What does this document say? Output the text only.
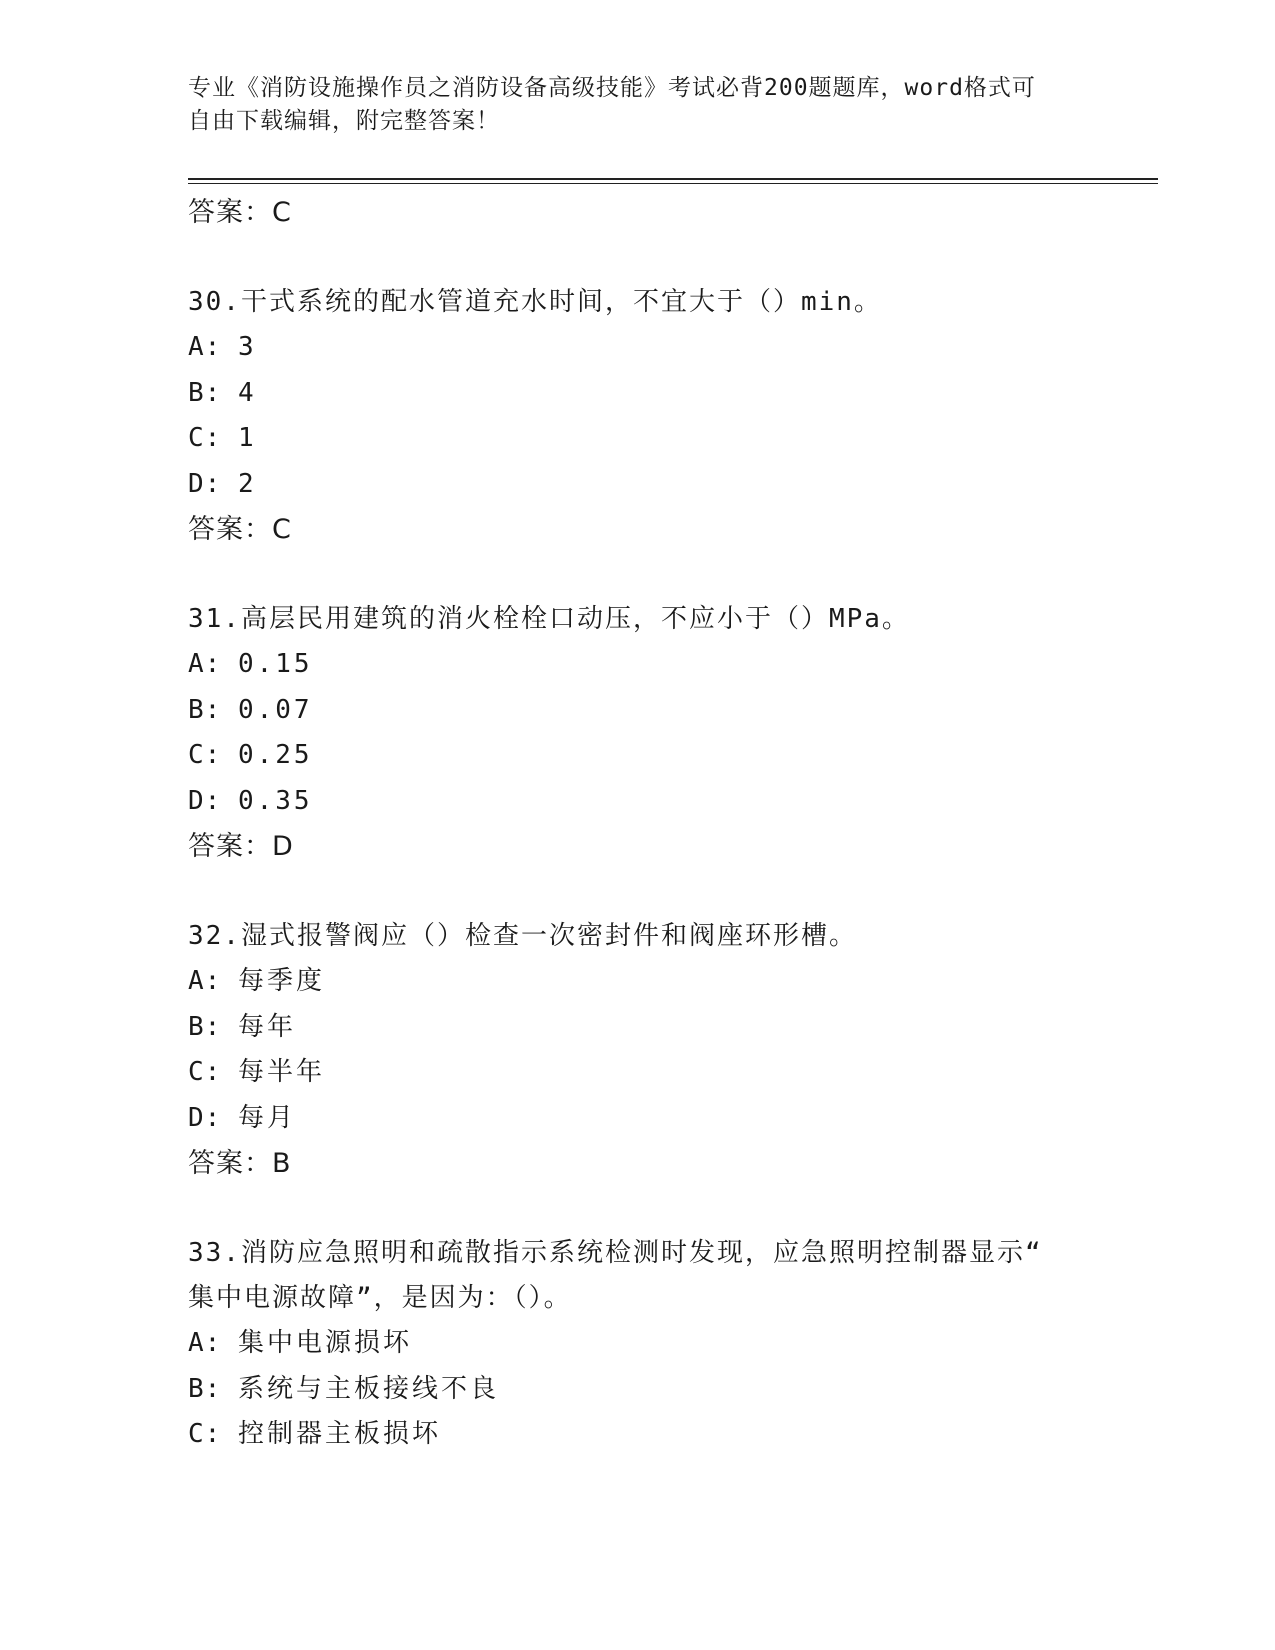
专业《消防设施操作员之消防设备高级技能》考试必背200题题库，word格式可
自由下载编辑，附完整答案！
答案：C
30.干式系统的配水管道充水时间，不宜大于（）min。
A: 3
B: 4
C: 1
D: 2
答案：C
31.高层民用建筑的消火栓栓口动压，不应小于（）MPa。
A: 0.15
B: 0.07
C: 0.25
D: 0.35
答案：D
32.湿式报警阀应（）检查一次密封件和阀座环形槽。
A: 每季度
B: 每年
C: 每半年
D: 每月
答案：B
33.消防应急照明和疏散指示系统检测时发现，应急照明控制器显示“
集中电源故障”，是因为：（）。
A: 集中电源损坏
B: 系统与主板接线不良
C: 控制器主板损坏
